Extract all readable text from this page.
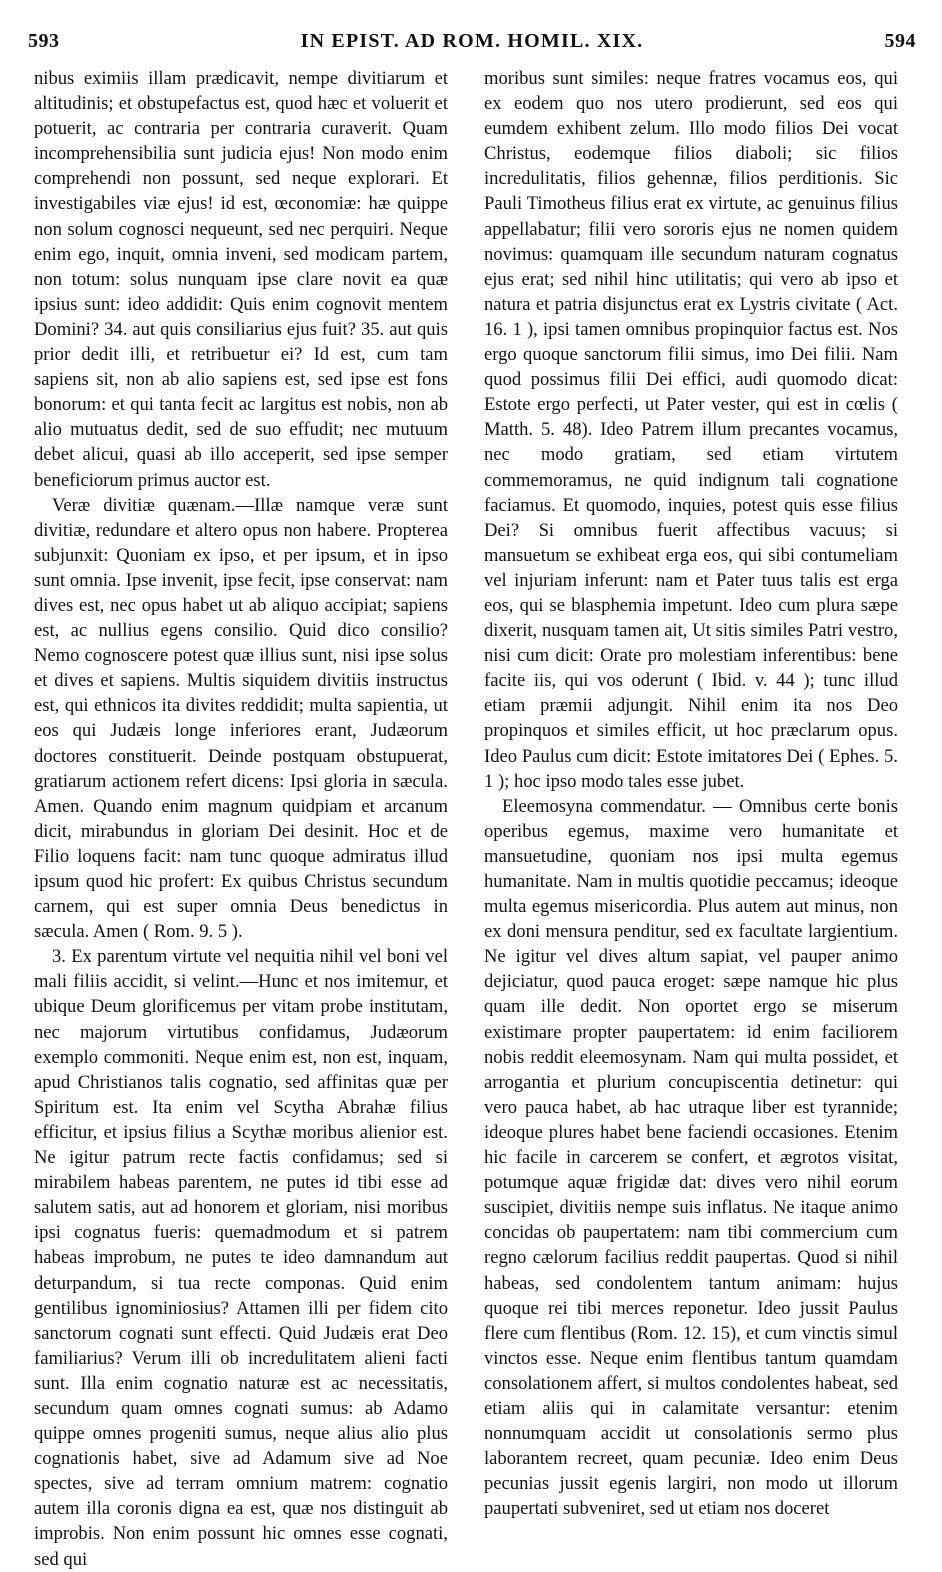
593	IN EPIST. AD ROM. HOMIL. XIX.	594

nibus eximiis illam prædicavit, nempe divitiarum et altitudinis; et obstupefactus est, quod hæc et voluerit et potuerit, ac contraria per contraria curaverit. Quam incomprehensibilia sunt judicia ejus! Non modo enim comprehendi non possunt, sed neque explorari. Et investigabiles viæ ejus! id est, œconomiæ: hæ quippe non solum cognosci nequeunt, sed nec perquiri. Neque enim ego, inquit, omnia inveni, sed modicam partem, non totum: solus nunquam ipse clare novit ea quæ ipsius sunt: ideo addidit: Quis enim cognovit mentem Domini? 34. aut quis consiliarius ejus fuit? 35. aut quis prior dedit illi, et retribuetur ei? Id est, cum tam sapiens sit, non ab alio sapiens est, sed ipse est fons bonorum: et qui tanta fecit ac largitus est nobis, non ab alio mutuatus dedit, sed de suo effudit; nec mutuum debet alicui, quasi ab illo acceperit, sed ipse semper beneficiorum primus auctor est.

Veræ divitiæ quænam.—Illæ namque veræ sunt divitiæ, redundare et altero opus non habere. Propterea subjunxit: Quoniam ex ipso, et per ipsum, et in ipso sunt omnia. Ipse invenit, ipse fecit, ipse conservat: nam dives est, nec opus habet ut ab aliquo accipiat; sapiens est, ac nullius egens consilio. Quid dico consilio? Nemo cognoscere potest quæ illius sunt, nisi ipse solus et dives et sapiens. Multis siquidem divitiis instructus est, qui ethnicos ita divites reddidit; multa sapientia, ut eos qui Judæis longe inferiores erant, Judæorum doctores constituerit. Deinde postquam obstupuerat, gratiarum actionem refert dicens: Ipsi gloria in sæcula. Amen. Quando enim magnum quidpiam et arcanum dicit, mirabundus in gloriam Dei desinit. Hoc et de Filio loquens facit: nam tunc quoque admiratus illud ipsum quod hic profert: Ex quibus Christus secundum carnem, qui est super omnia Deus benedictus in sæcula. Amen ( Rom. 9. 5 ).

3. Ex parentum virtute vel nequitia nihil vel boni vel mali filiis accidit, si velint.—Hunc et nos imitemur, et ubique Deum glorificemus per vitam probe institutam, nec majorum virtutibus confidamus, Judæorum exemplo commoniti. Neque enim est, non est, inquam, apud Christianos talis cognatio, sed affinitas quæ per Spiritum est. Ita enim vel Scytha Abrahæ filius efficitur, et ipsius filius a Scythæ moribus alienior est. Ne igitur patrum recte factis confidamus; sed si mirabilem habeas parentem, ne putes id tibi esse ad salutem satis, aut ad honorem et gloriam, nisi moribus ipsi cognatus fueris: quemadmodum et si patrem habeas improbum, ne putes te ideo damnandum aut deturpandum, si tua recte componas. Quid enim gentilibus ignominiosius? Attamen illi per fidem cito sanctorum cognati sunt effecti. Quid Judæis erat Deo familiarius? Verum illi ob incredulitatem alieni facti sunt. Illa enim cognatio naturæ est ac necessitatis, secundum quam omnes cognati sumus: ab Adamo quippe omnes progeniti sumus, neque alius alio plus cognationis habet, sive ad Adamum sive ad Noe spectes, sive ad terram omnium matrem: cognatio autem illa coronis digna ea est, quæ nos distinguit ab improbis. Non enim possunt hic omnes esse cognati, sed qui

moribus sunt similes: neque fratres vocamus eos, qui ex eodem quo nos utero prodierunt, sed eos qui eumdem exhibent zelum. Illo modo filios Dei vocat Christus, eodemque filios diaboli; sic filios incredulitatis, filios gehennæ, filios perditionis. Sic Pauli Timotheus filius erat ex virtute, ac genuinus filius appellabatur; filii vero sororis ejus ne nomen quidem novimus: quamquam ille secundum naturam cognatus ejus erat; sed nihil hinc utilitatis; qui vero ab ipso et natura et patria disjunctus erat ex Lystris civitate ( Act. 16. 1 ), ipsi tamen omnibus propinquior factus est. Nos ergo quoque sanctorum filii simus, imo Dei filii. Nam quod possimus filii Dei effici, audi quomodo dicat: Estote ergo perfecti, ut Pater vester, qui est in cœlis ( Matth. 5. 48). Ideo Patrem illum precantes vocamus, nec modo gratiam, sed etiam virtutem commemoramus, ne quid indignum tali cognatione faciamus. Et quomodo, inquies, potest quis esse filius Dei? Si omnibus fuerit affectibus vacuus; si mansuetum se exhibeat erga eos, qui sibi contumeliam vel injuriam inferunt: nam et Pater tuus talis est erga eos, qui se blasphemia impetunt. Ideo cum plura sæpe dixerit, nusquam tamen ait, Ut sitis similes Patri vestro, nisi cum dicit: Orate pro molestiam inferentibus: bene facite iis, qui vos oderunt ( Ibid. v. 44 ); tunc illud etiam præmii adjungit. Nihil enim ita nos Deo propinquos et similes efficit, ut hoc præclarum opus. Ideo Paulus cum dicit: Estote imitatores Dei ( Ephes. 5. 1 ); hoc ipso modo tales esse jubet.

Eleemosyna commendatur. — Omnibus certe bonis operibus egemus, maxime vero humanitate et mansuetudine, quoniam nos ipsi multa egemus humanitate. Nam in multis quotidie peccamus; ideoque multa egemus misericordia. Plus autem aut minus, non ex doni mensura penditur, sed ex facultate largientium. Ne igitur vel dives altum sapiat, vel pauper animo dejiciatur, quod pauca eroget: sæpe namque hic plus quam ille dedit. Non oportet ergo se miserum existimare propter paupertatem: id enim faciliorem nobis reddit eleemosynam. Nam qui multa possidet, et arrogantia et plurium concupiscentia detinetur: qui vero pauca habet, ab hac utraque liber est tyrannide; ideoque plures habet bene faciendi occasiones. Etenim hic facile in carcerem se confert, et ægrotos visitat, potumque aquæ frigidæ dat: dives vero nihil eorum suscipiet, divitiis nempe suis inflatus. Ne itaque animo concidas ob paupertatem: nam tibi commercium cum regno cælorum facilius reddit paupertas. Quod si nihil habeas, sed condolentem tantum animam: hujus quoque rei tibi merces reponetur. Ideo jussit Paulus flere cum flentibus (Rom. 12. 15), et cum vinctis simul vinctos esse. Neque enim flentibus tantum quamdam consolationem affert, si multos condolentes habeat, sed etiam aliis qui in calamitate versantur: etenim nonnumquam accidit ut consolationis sermo plus laborantem recreet, quam pecuniæ. Ideo enim Deus pecunias jussit egenis largiri, non modo ut illorum paupertati subveniret, sed ut etiam nos doceret
